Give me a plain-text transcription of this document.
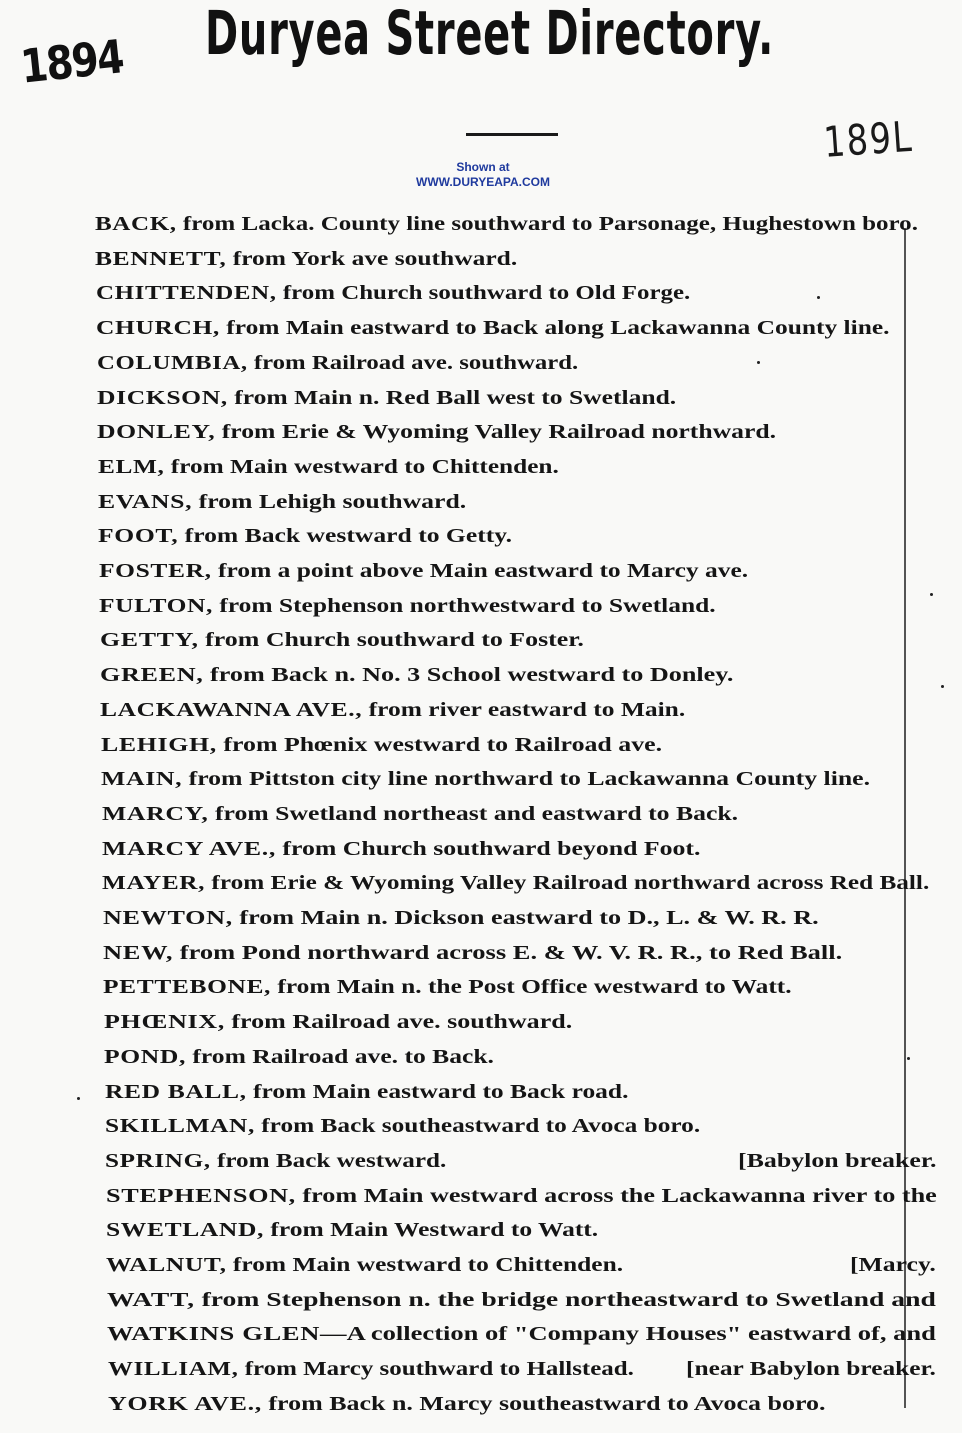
Duryea Street Directory.
1894
189L
Shown at
WWW.DURYEAPA.COM
BACK, from Lacka. County line southward to Parsonage, Hughestown boro.
BENNETT, from York ave southward.
CHITTENDEN, from Church southward to Old Forge.
CHURCH, from Main eastward to Back along Lackawanna County line.
COLUMBIA, from Railroad ave. southward.
DICKSON, from Main n. Red Ball west to Swetland.
DONLEY, from Erie & Wyoming Valley Railroad northward.
ELM, from Main westward to Chittenden.
EVANS, from Lehigh southward.
FOOT, from Back westward to Getty.
FOSTER, from a point above Main eastward to Marcy ave.
FULTON, from Stephenson northwestward to Swetland.
GETTY, from Church southward to Foster.
GREEN, from Back n. No. 3 School westward to Donley.
LACKAWANNA AVE., from river eastward to Main.
LEHIGH, from Phœnix westward to Railroad ave.
MAIN, from Pittston city line northward to Lackawanna County line.
MARCY, from Swetland northeast and eastward to Back.
MARCY AVE., from Church southward beyond Foot.
MAYER, from Erie & Wyoming Valley Railroad northward across Red Ball.
NEWTON, from Main n. Dickson eastward to D., L. & W. R. R.
NEW, from Pond northward across E. & W. V. R. R., to Red Ball.
PETTEBONE, from Main n. the Post Office westward to Watt.
PHŒNIX, from Railroad ave. southward.
POND, from Railroad ave. to Back.
RED BALL, from Main eastward to Back road.
SKILLMAN, from Back southeastward to Avoca boro.
SPRING, from Back westward.
STEPHENSON, from Main westward across the Lackawanna river to the
SWETLAND, from Main Westward to Watt.
WALNUT, from Main westward to Chittenden.
WATT, from Stephenson n. the bridge northeastward to Swetland and
WATKINS GLEN—A collection of "Company Houses" eastward of, and
WILLIAM, from Marcy southward to Hallstead.
YORK AVE., from Back n. Marcy southeastward to Avoca boro.
[Babylon breaker.
[Marcy.
[near Babylon breaker.
